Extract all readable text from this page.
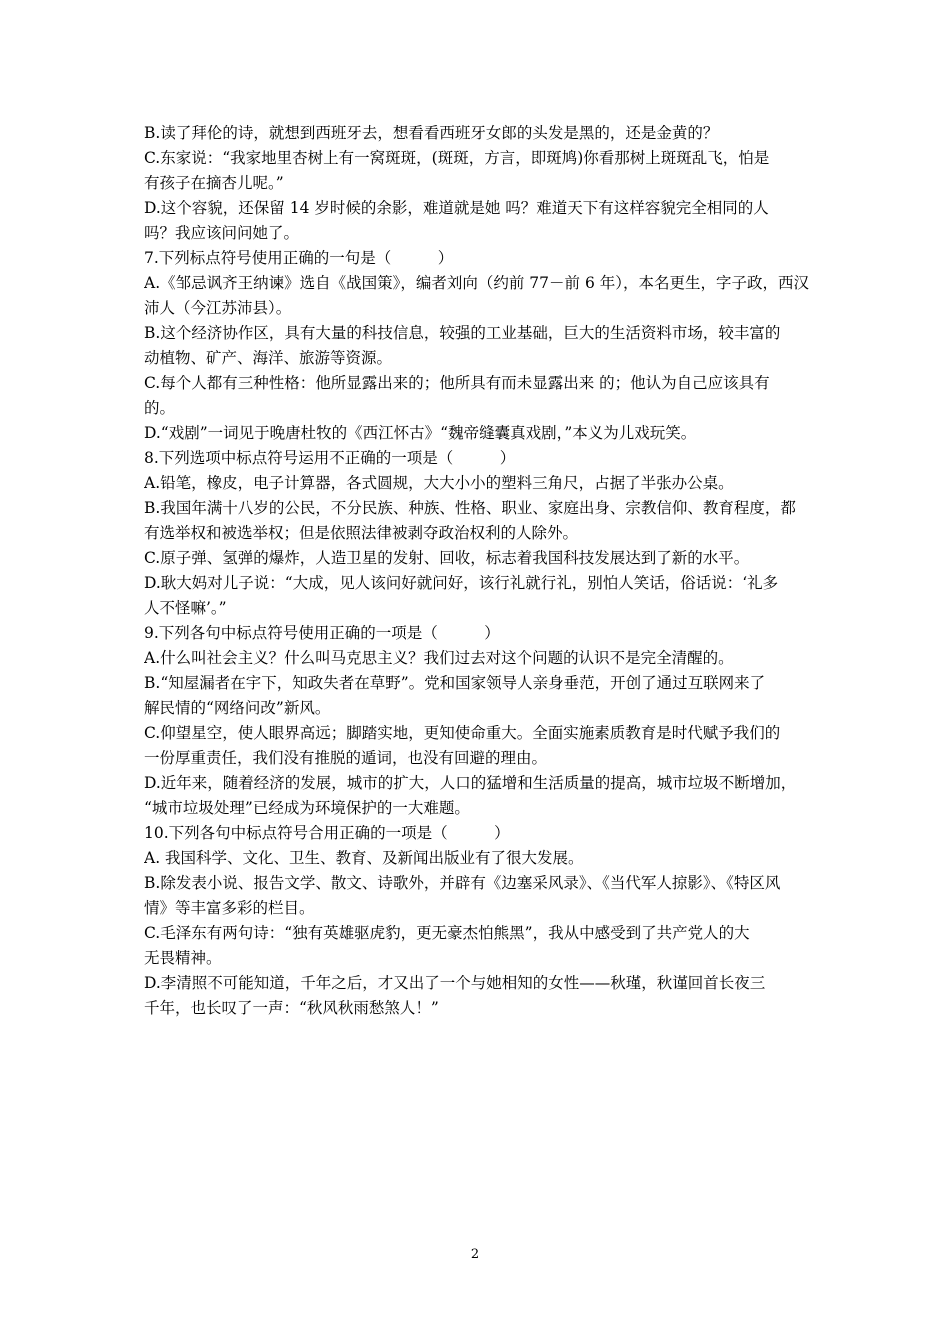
B.读了拜伦的诗，就想到西班牙去，想看看西班牙女郎的头发是黑的，还是金黄的？
C.东家说：“我家地里杏树上有一窝斑斑，(斑斑，方言，即斑鸠)你看那树上斑斑乱飞，怕是
有孩子在摘杏儿呢。”
D.这个容貌，还保留 14 岁时候的余影，难道就是她 吗？难道天下有这样容貌完全相同的人
吗？我应该问问她了。
7.下列标点符号使用正确的一句是（　　　）
A.《邹忌讽齐王纳谏》选自《战国策》，编者刘向（约前 77－前 6 年），本名更生，字子政，西汉
沛人（今江苏沛县）。
B.这个经济协作区，具有大量的科技信息，较强的工业基础，巨大的生活资料市场，较丰富的
动植物、矿产、海洋、旅游等资源。
C.每个人都有三种性格：他所显露出来的；他所具有而未显露出来 的；他认为自己应该具有
的。
D.“戏剧”一词见于晚唐杜牧的《西江怀古》“魏帝缝囊真戏剧，”本义为儿戏玩笑。
8.下列选项中标点符号运用不正确的一项是（　　　）
A.铅笔，橡皮，电子计算器，各式圆规，大大小小的塑料三角尺，占据了半张办公桌。
B.我国年满十八岁的公民，不分民族、种族、性格、职业、家庭出身、宗教信仰、教育程度，都
有选举权和被选举权；但是依照法律被剥夺政治权利的人除外。
C.原子弹、氢弹的爆炸，人造卫星的发射、回收，标志着我国科技发展达到了新的水平。
D.耿大妈对儿子说：“大成，见人该问好就问好，该行礼就行礼，别怕人笑话，俗话说：‘礼多
人不怪嘛’。”
9.下列各句中标点符号使用正确的一项是（　　　）
A.什么叫社会主义？什么叫马克思主义？我们过去对这个问题的认识不是完全清醒的。
B.“知屋漏者在宇下，知政失者在草野”。党和国家领导人亲身垂范，开创了通过互联网来了
解民情的“网络问改”新风。
C.仰望星空，使人眼界高远；脚踏实地，更知使命重大。全面实施素质教育是时代赋予我们的
一份厚重责任，我们没有推脱的遁词，也没有回避的理由。
D.近年来，随着经济的发展，城市的扩大，人口的猛增和生活质量的提高，城市垃圾不断增加，
“城市垃圾处理”已经成为环境保护的一大难题。
10.下列各句中标点符号合用正确的一项是（　　　）
A. 我国科学、文化、卫生、教育、及新闻出版业有了很大发展。
B.除发表小说、报告文学、散文、诗歌外，并辟有《边塞采风录》、《当代军人掠影》、《特区风
情》等丰富多彩的栏目。
C.毛泽东有两句诗：“独有英雄驱虎豹，更无豪杰怕熊黑”，我从中感受到了共产党人的大
无畏精神。
D.李清照不可能知道，千年之后，才又出了一个与她相知的女性——秋瑾，秋谨回首长夜三
千年，也长叹了一声：“秋风秋雨愁煞人！”
2
